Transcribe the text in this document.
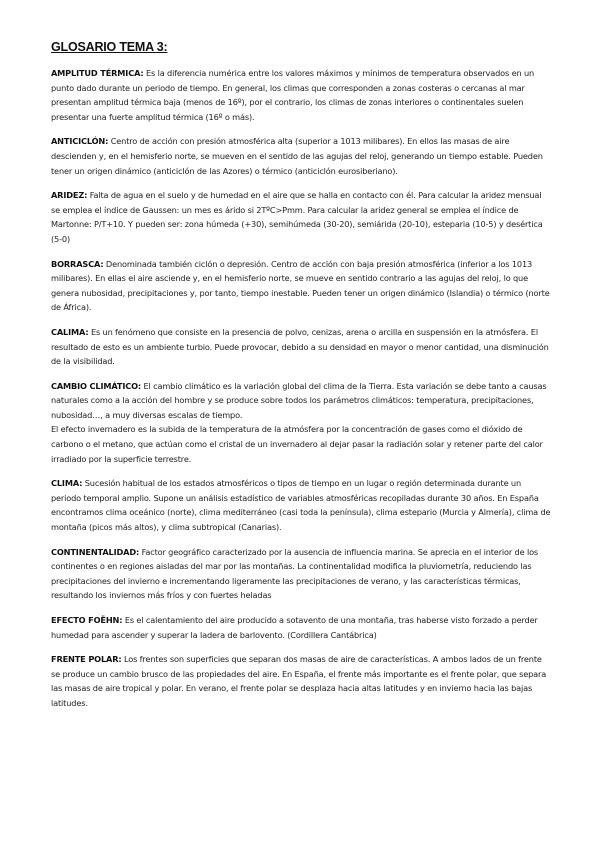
GLOSARIO TEMA 3:

AMPLITUD TÉRMICA: Es la diferencia numérica entre los valores máximos y mínimos de temperatura observados en un punto dado durante un periodo de tiempo. En general, los climas que corresponden a zonas costeras o cercanas al mar presentan amplitud térmica baja (menos de 16º), por el contrario, los climas de zonas interiores o continentales suelen presentar una fuerte amplitud térmica (16º o más).

ANTICICLÓN: Centro de acción con presión atmosférica alta (superior a 1013 milibares). En ellos las masas de aire descienden y, en el hemisferio norte, se mueven en el sentido de las agujas del reloj, generando un tiempo estable. Pueden tener un origen dinámico (anticiclón de las Azores) o térmico (anticiclón eurosiberiano).

ARIDEZ: Falta de agua en el suelo y de humedad en el aire que se halla en contacto con él. Para calcular la aridez mensual se emplea el índice de Gaussen: un mes es árido si 2TºC>Pmm. Para calcular la aridez general se emplea el índice de Martonne: P/T+10. Y pueden ser: zona húmeda (+30), semihúmeda (30-20), semiárida (20-10), esteparia (10-5) y desértica (5-0)

BORRASCA: Denominada también ciclón o depresión. Centro de acción con baja presión atmosférica (inferior a los 1013 milibares). En ellas el aire asciende y, en el hemisferio norte, se mueve en sentido contrario a las agujas del reloj, lo que genera nubosidad, precipitaciones y, por tanto, tiempo inestable. Pueden tener un origen dinámico (Islandia) o térmico (norte de África).

CALIMA: Es un fenómeno que consiste en la presencia de polvo, cenizas, arena o arcilla en suspensión en la atmósfera. El resultado de esto es un ambiente turbio. Puede provocar, debido a su densidad en mayor o menor cantidad, una disminución de la visibilidad.

CAMBIO CLIMÁTICO: El cambio climático es la variación global del clima de la Tierra. Esta variación se debe tanto a causas naturales como a la acción del hombre y se produce sobre todos los parámetros climáticos: temperatura, precipitaciones, nubosidad…, a muy diversas escalas de tiempo.

El efecto invernadero es la subida de la temperatura de la atmósfera por la concentración de gases como el dióxido de carbono o el metano, que actúan como el cristal de un invernadero al dejar pasar la radiación solar y retener parte del calor irradiado por la superficie terrestre.

CLIMA: Sucesión habitual de los estados atmosféricos o tipos de tiempo en un lugar o región determinada durante un periodo temporal amplio. Supone un análisis estadístico de variables atmosféricas recopiladas durante 30 años. En España encontramos clima oceánico (norte), clima mediterráneo (casi toda la península), clima estepario (Murcia y Almería), clima de montaña (picos más altos), y clima subtropical (Canarias).

CONTINENTALIDAD: Factor geográfico caracterizado por la ausencia de influencia marina. Se aprecia en el interior de los continentes o en regiones aisladas del mar por las montañas. La continentalidad modifica la pluviometría, reduciendo las precipitaciones del invierno e incrementando ligeramente las precipitaciones de verano, y las características térmicas, resultando los inviernos más fríos y con fuertes heladas

EFECTO FOËHN: Es el calentamiento del aire producido a sotavento de una montaña, tras haberse visto forzado a perder humedad para ascender y superar la ladera de barlovento. (Cordillera Cantábrica)

FRENTE POLAR: Los frentes son superficies que separan dos masas de aire de características. A ambos lados de un frente se produce un cambio brusco de las propiedades del aire. En España, el frente más importante es el frente polar, que separa las masas de aire tropical y polar. En verano, el frente polar se desplaza hacia altas latitudes y en invierno hacia las bajas latitudes.
